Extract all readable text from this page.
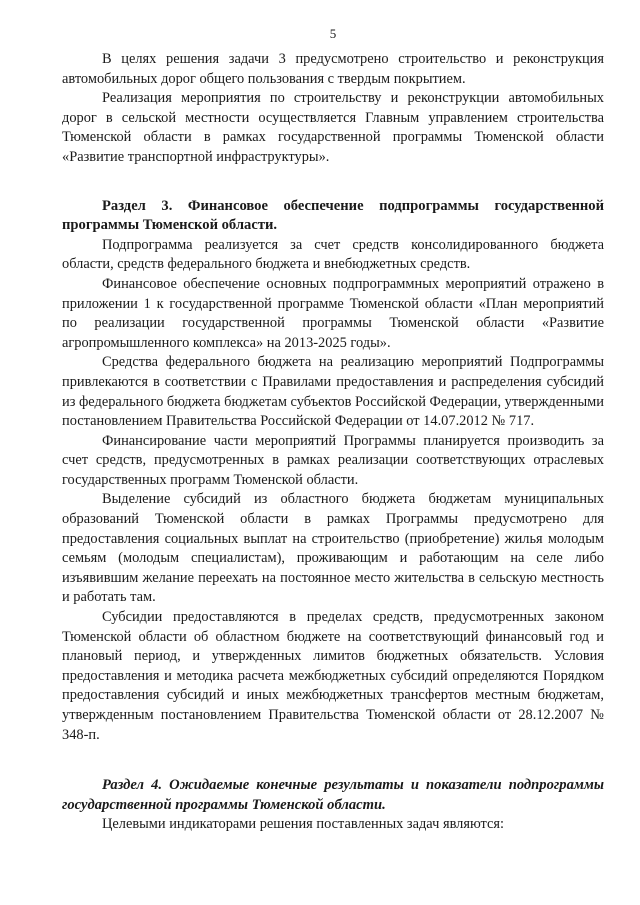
5

В целях решения задачи 3 предусмотрено строительство и реконструкция автомобильных дорог общего пользования с твердым покрытием.

Реализация мероприятия по строительству и реконструкции автомобильных дорог в сельской местности осуществляется Главным управлением строительства Тюменской области в рамках государственной программы Тюменской области «Развитие транспортной инфраструктуры».

Раздел 3. Финансовое обеспечение подпрограммы государственной программы Тюменской области.

Подпрограмма реализуется за счет средств консолидированного бюджета области, средств федерального бюджета и внебюджетных средств.

Финансовое обеспечение основных подпрограммных мероприятий отражено в приложении 1 к государственной программе Тюменской области «План мероприятий по реализации государственной программы Тюменской области «Развитие агропромышленного комплекса» на 2013-2025 годы».

Средства федерального бюджета на реализацию мероприятий Подпрограммы привлекаются в соответствии с Правилами предоставления и распределения субсидий из федерального бюджета бюджетам субъектов Российской Федерации, утвержденными постановлением Правительства Российской Федерации от 14.07.2012 № 717.

Финансирование части мероприятий Программы планируется производить за счет средств, предусмотренных в рамках реализации соответствующих отраслевых государственных программ Тюменской области.

Выделение субсидий из областного бюджета бюджетам муниципальных образований Тюменской области в рамках Программы предусмотрено для предоставления социальных выплат на строительство (приобретение) жилья молодым семьям (молодым специалистам), проживающим и работающим на селе либо изъявившим желание переехать на постоянное место жительства в сельскую местность и работать там.

Субсидии предоставляются в пределах средств, предусмотренных законом Тюменской области об областном бюджете на соответствующий финансовый год и плановый период, и утвержденных лимитов бюджетных обязательств. Условия предоставления и методика расчета межбюджетных субсидий определяются Порядком предоставления субсидий и иных межбюджетных трансфертов местным бюджетам, утвержденным постановлением Правительства Тюменской области от 28.12.2007 № 348-п.

Раздел 4. Ожидаемые конечные результаты и показатели подпрограммы государственной программы Тюменской области.

Целевыми индикаторами решения поставленных задач являются:
